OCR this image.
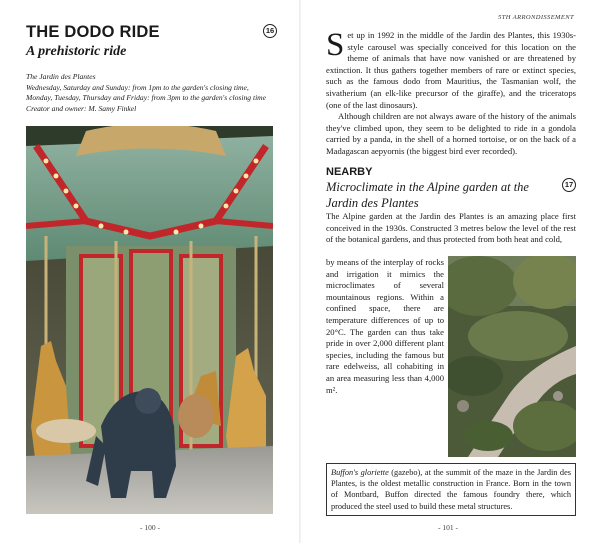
THE DODO RIDE	16
A prehistoric ride
The Jardin des Plantes
Wednesday, Saturday and Sunday: from 1pm to the garden's closing time,
Monday, Tuesday, Thursday and Friday: from 3pm to the garden's closing time
Creator and owner: M. Samy Finkel
- 100 -
5TH ARRONDISSEMENT

Set up in 1992 in the middle of the Jardin des Plantes, this 1930s-style carousel was specially conceived for this location on the theme of animals that have now vanished or are threatened by extinction. It thus gathers together members of rare or extinct species, such as the famous dodo from Mauritius, the Tasmanian wolf, the sivatherium (an elk-like precursor of the giraffe), and the triceratops (one of the last dinosaurs).

Although children are not always aware of the history of the animals they've climbed upon, they seem to be delighted to ride in a gondola carried by a panda, in the shell of a horned tortoise, or on the back of a Madagascan aepyornis (the biggest bird ever recorded).

NEARBY
Microclimate in the Alpine garden at the Jardin des Plantes
17
The Alpine garden at the Jardin des Plantes is an amazing place first conceived in the 1930s. Constructed 3 metres below the level of the rest of the botanical gardens, and thus protected from both heat and cold,
by means of the interplay of rocks and irrigation it mimics the microclimates of several mountainous regions. Within a confined space, there are temperature differences of up to 20°C. The garden can thus take pride in over 2,000 different plant species, including the famous but rare edelweiss, all cohabiting in an area measuring less than 4,000 m².
Buffon's gloriette (gazebo), at the summit of the maze in the Jardin des Plantes, is the oldest metallic construction in France. Born in the town of Montbard, Buffon directed the famous foundry there, which produced the steel used to build these metal structures.
- 101 -
